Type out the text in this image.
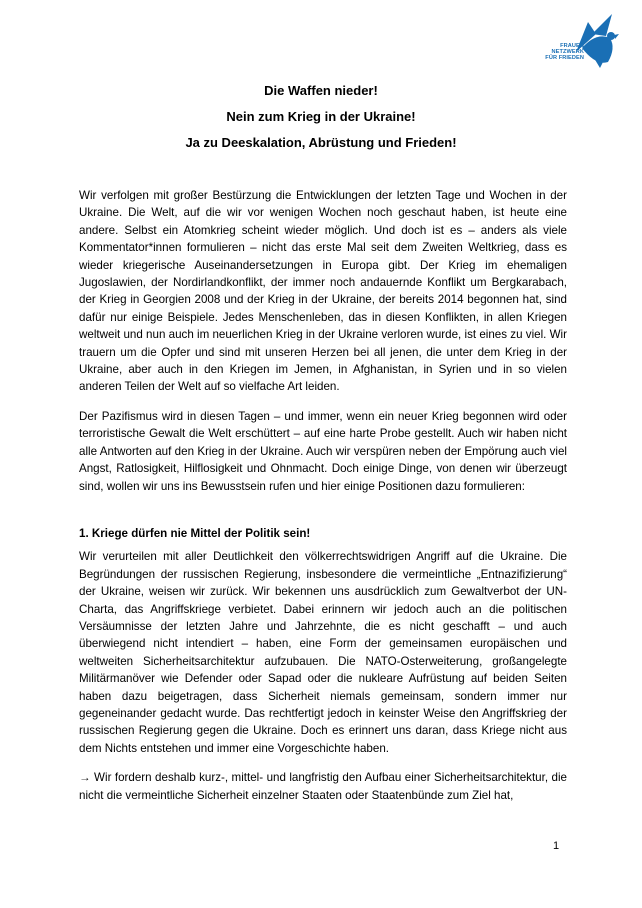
FRAUEN
NETZWERK
FÜR FRIEDEN
Die Waffen nieder!
Nein zum Krieg in der Ukraine!
Ja zu Deeskalation, Abrüstung und Frieden!

Wir verfolgen mit großer Bestürzung die Entwicklungen der letzten Tage und Wochen in der Ukraine. Die Welt, auf die wir vor wenigen Wochen noch geschaut haben, ist heute eine andere. Selbst ein Atomkrieg scheint wieder möglich. Und doch ist es – anders als viele Kommentator*innen formulieren – nicht das erste Mal seit dem Zweiten Weltkrieg, dass es wieder kriegerische Auseinandersetzungen in Europa gibt. Der Krieg im ehemaligen Jugoslawien, der Nordirlandkonflikt, der immer noch andauernde Konflikt um Bergkarabach, der Krieg in Georgien 2008 und der Krieg in der Ukraine, der bereits 2014 begonnen hat, sind dafür nur einige Beispiele. Jedes Menschenleben, das in diesen Konflikten, in allen Kriegen weltweit und nun auch im neuerlichen Krieg in der Ukraine verloren wurde, ist eines zu viel. Wir trauern um die Opfer und sind mit unseren Herzen bei all jenen, die unter dem Krieg in der Ukraine, aber auch in den Kriegen im Jemen, in Afghanistan, in Syrien und in so vielen anderen Teilen der Welt auf so vielfache Art leiden.

Der Pazifismus wird in diesen Tagen – und immer, wenn ein neuer Krieg begonnen wird oder terroristische Gewalt die Welt erschüttert – auf eine harte Probe gestellt. Auch wir haben nicht alle Antworten auf den Krieg in der Ukraine. Auch wir verspüren neben der Empörung auch viel Angst, Ratlosigkeit, Hilflosigkeit und Ohnmacht. Doch einige Dinge, von denen wir überzeugt sind, wollen wir uns ins Bewusstsein rufen und hier einige Positionen dazu formulieren:

1. Kriege dürfen nie Mittel der Politik sein!

Wir verurteilen mit aller Deutlichkeit den völkerrechtswidrigen Angriff auf die Ukraine. Die Begründungen der russischen Regierung, insbesondere die vermeintliche „Entnazifizierung“ der Ukraine, weisen wir zurück. Wir bekennen uns ausdrücklich zum Gewaltverbot der UN-Charta, das Angriffskriege verbietet. Dabei erinnern wir jedoch auch an die politischen Versäumnisse der letzten Jahre und Jahrzehnte, die es nicht geschafft – und auch überwiegend nicht intendiert – haben, eine Form der gemeinsamen europäischen und weltweiten Sicherheitsarchitektur aufzubauen. Die NATO-Osterweiterung, großangelegte Militärmanöver wie Defender oder Sapad oder die nukleare Aufrüstung auf beiden Seiten haben dazu beigetragen, dass Sicherheit niemals gemeinsam, sondern immer nur gegeneinander gedacht wurde. Das rechtfertigt jedoch in keinster Weise den Angriffskrieg der russischen Regierung gegen die Ukraine. Doch es erinnert uns daran, dass Kriege nicht aus dem Nichts entstehen und immer eine Vorgeschichte haben.

→ Wir fordern deshalb kurz-, mittel- und langfristig den Aufbau einer Sicherheitsarchitektur, die nicht die vermeintliche Sicherheit einzelner Staaten oder Staatenbünde zum Ziel hat,

1
